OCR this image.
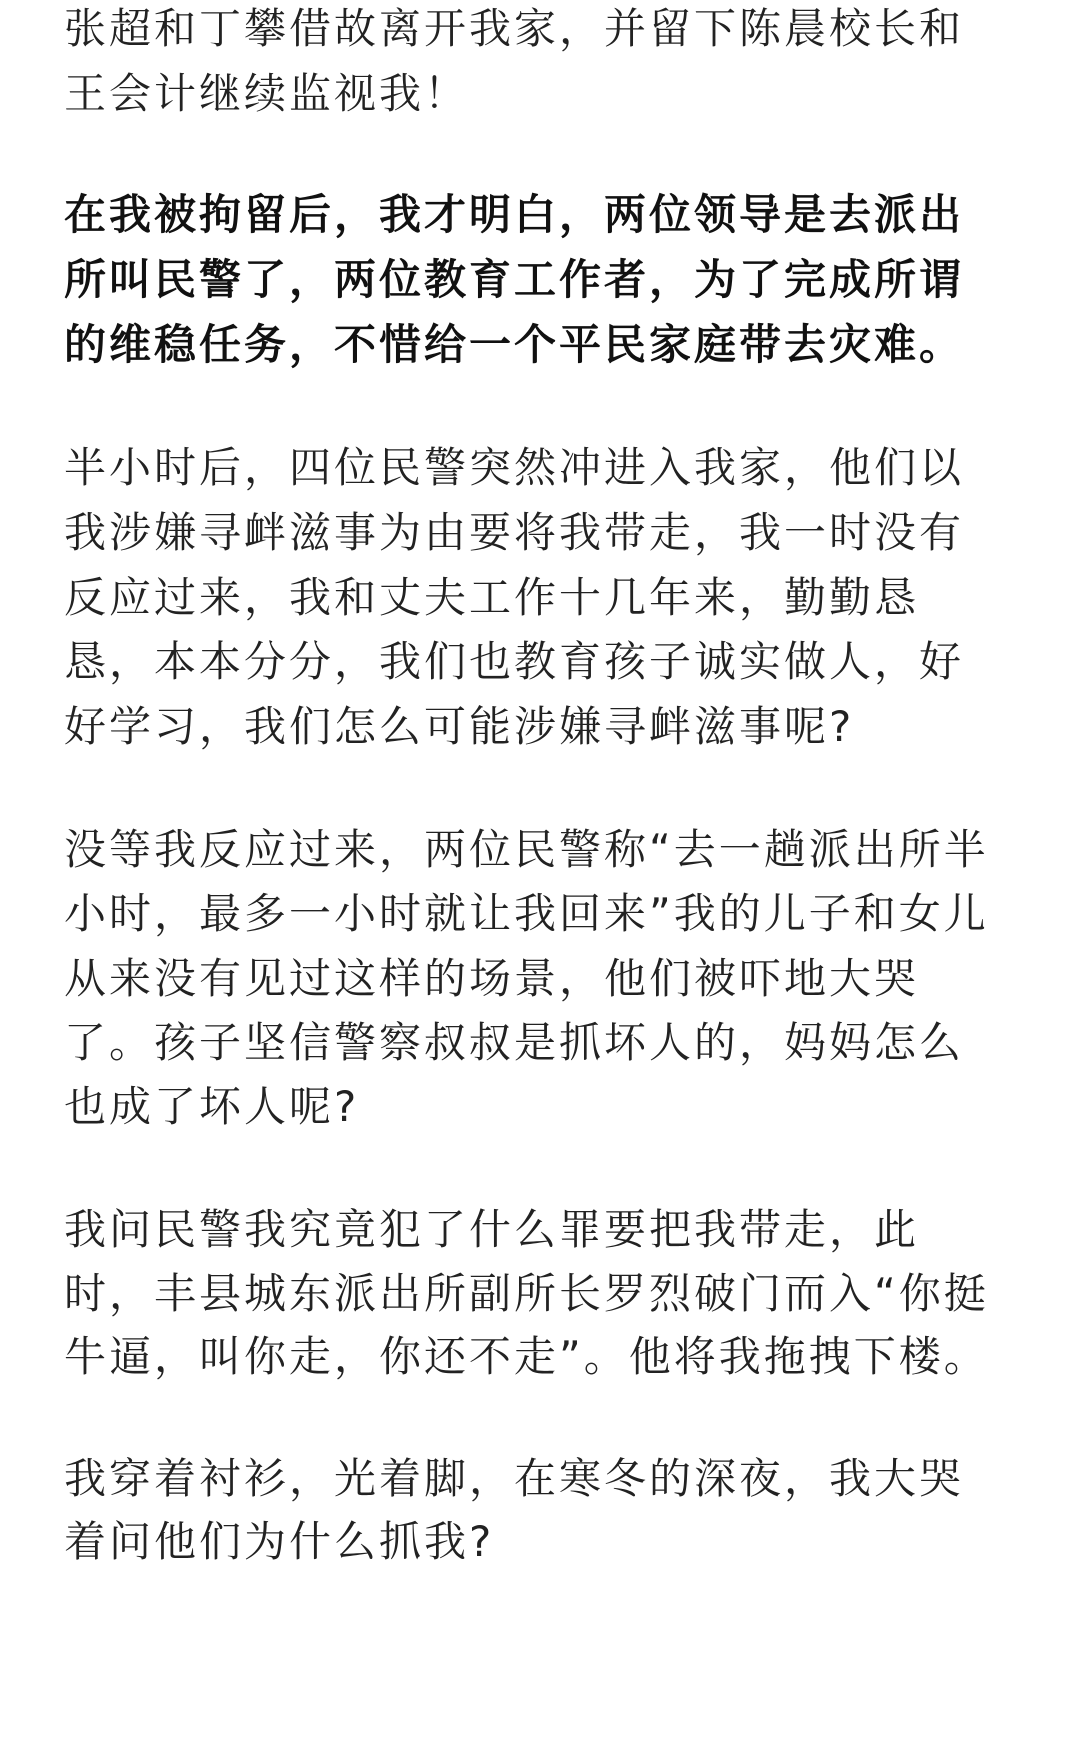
张超和丁攀借故离开我家，并留下陈晨校长和
王会计继续监视我！
在我被拘留后，我才明白，两位领导是去派出
所叫民警了，两位教育工作者，为了完成所谓
的维稳任务，不惜给一个平民家庭带去灾难。
半小时后，四位民警突然冲进入我家，他们以
我涉嫌寻衅滋事为由要将我带走，我一时没有
反应过来，我和丈夫工作十几年来，勤勤恳
恳，本本分分，我们也教育孩子诚实做人，好
好学习，我们怎么可能涉嫌寻衅滋事呢?
没等我反应过来，两位民警称“去一趟派出所半
小时，最多一小时就让我回来”我的儿子和女儿
从来没有见过这样的场景，他们被吓地大哭
了。孩子坚信警察叔叔是抓坏人的，妈妈怎么
也成了坏人呢?
我问民警我究竟犯了什么罪要把我带走，此
时，丰县城东派出所副所长罗烈破门而入“你挺
牛逼，叫你走，你还不走”。他将我拖拽下楼。
我穿着衬衫，光着脚，在寒冬的深夜，我大哭
着问他们为什么抓我?
